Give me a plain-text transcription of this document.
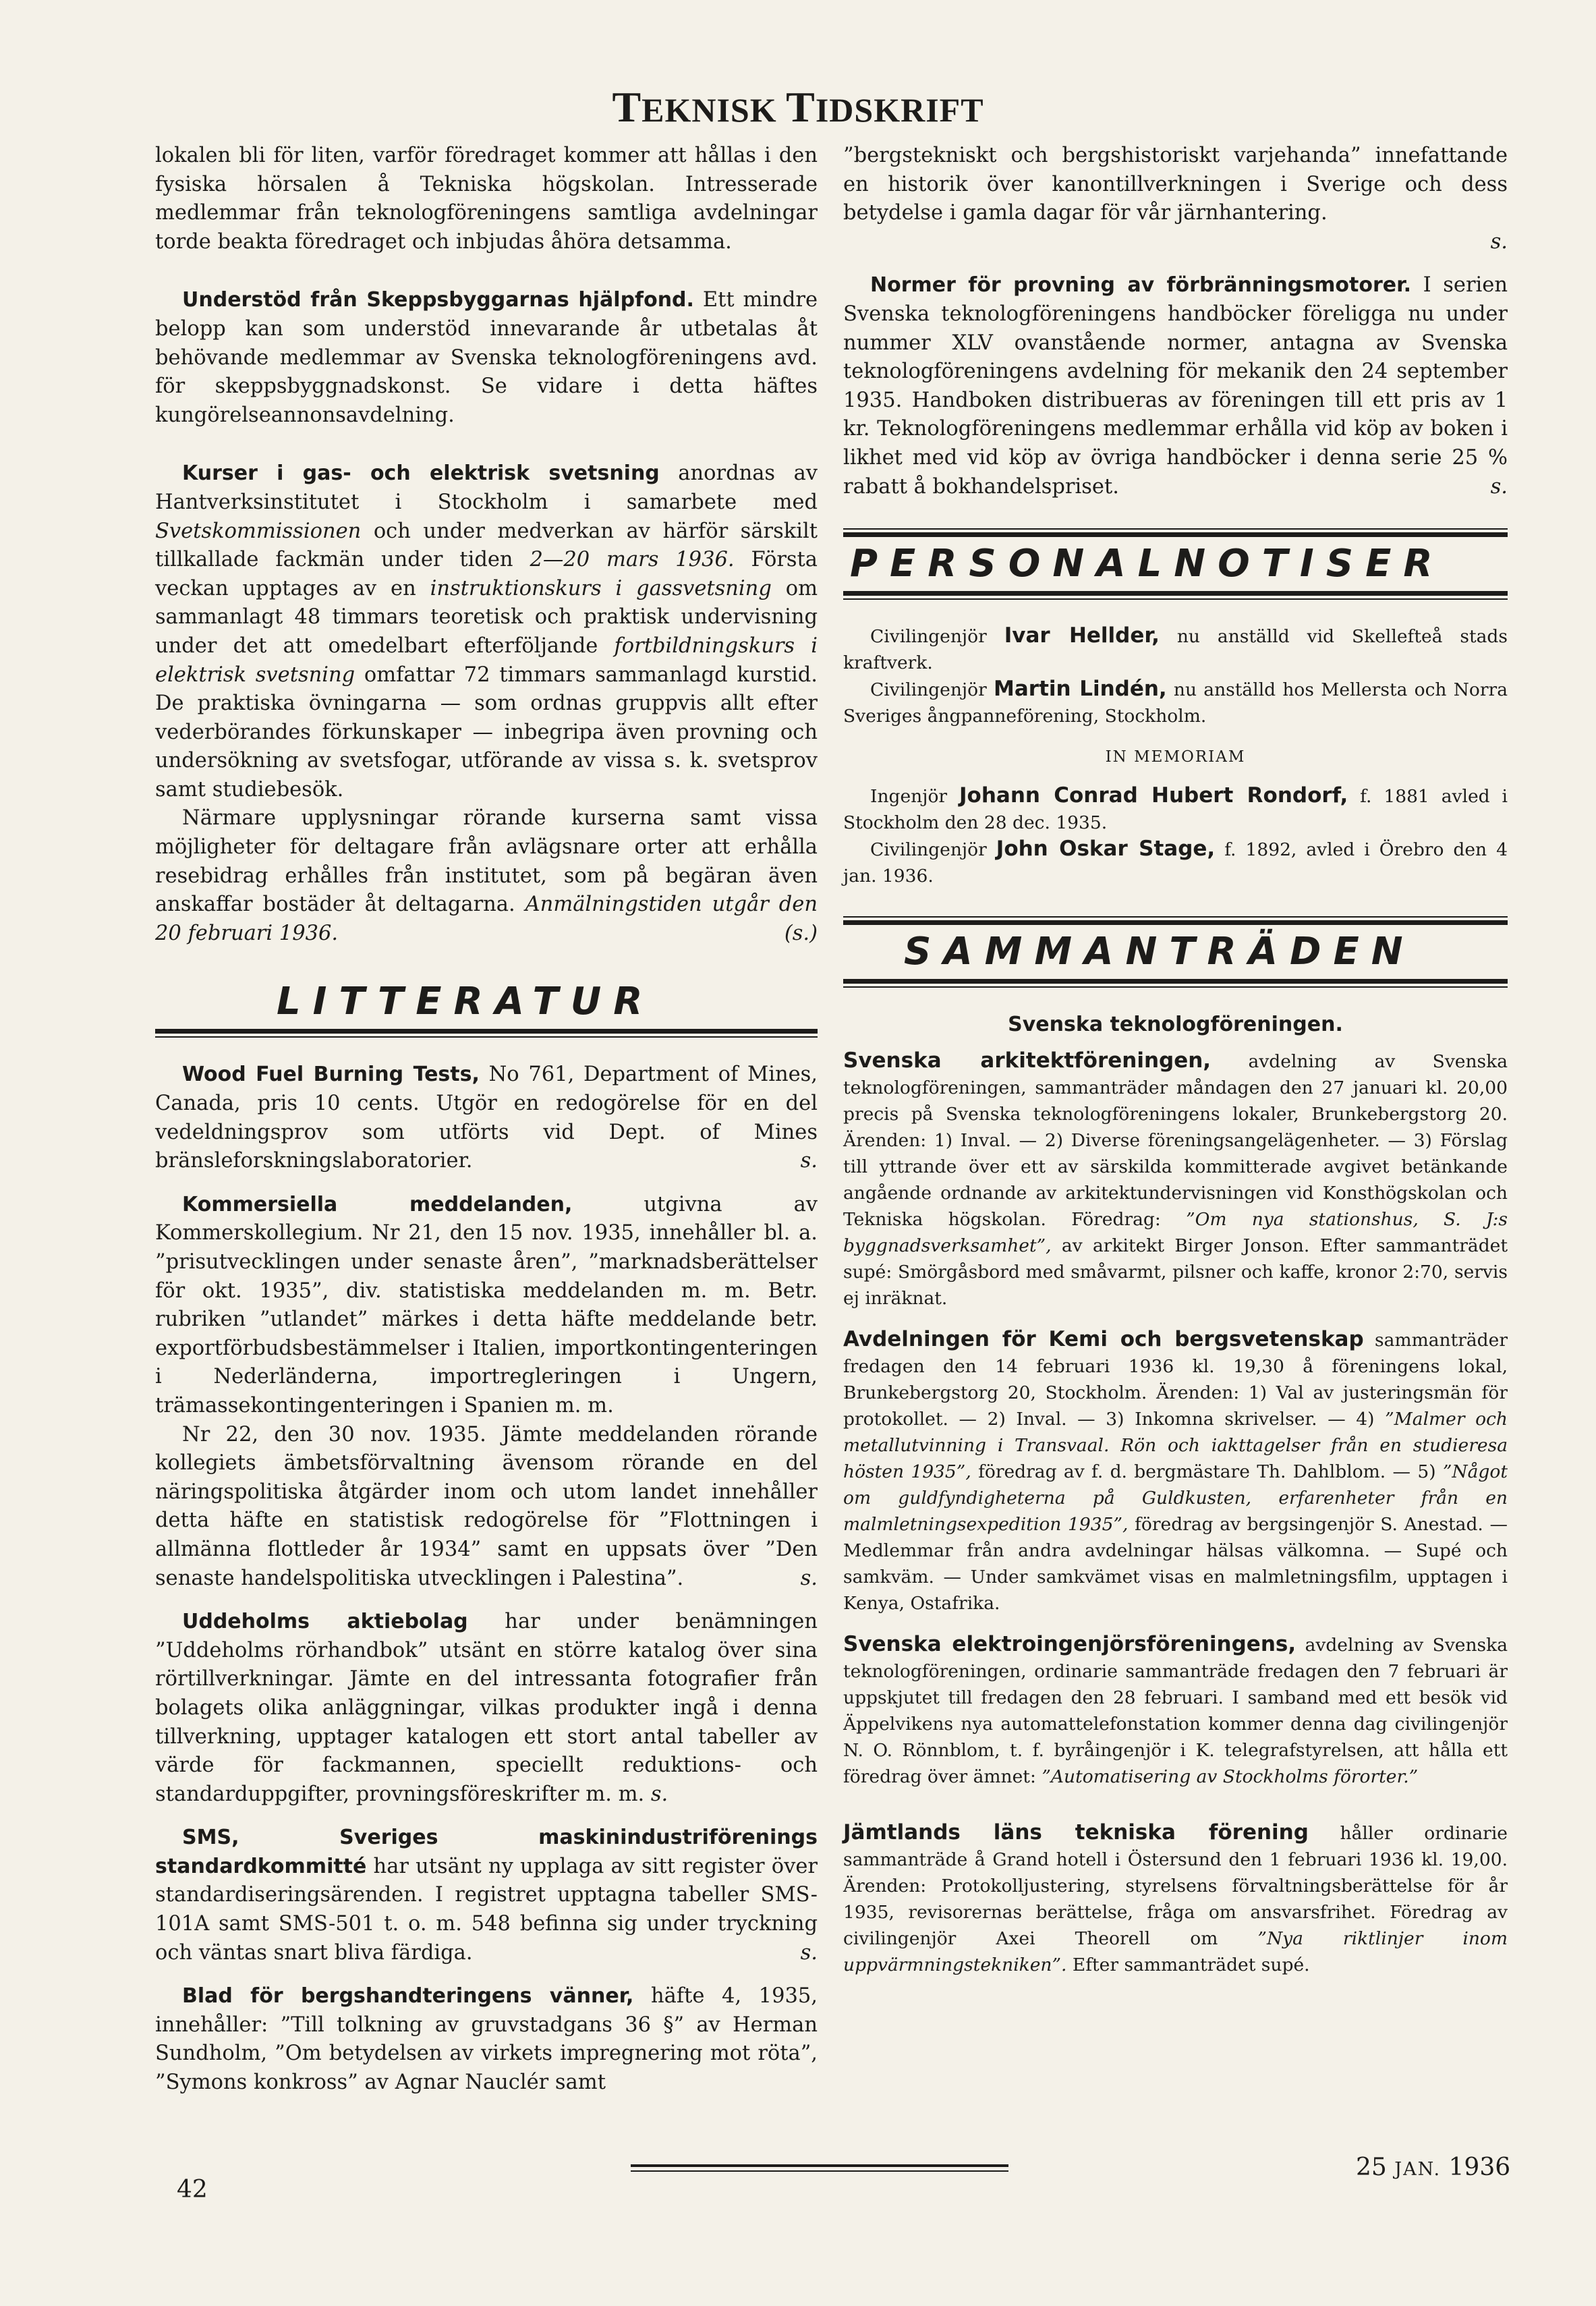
TEKNISK TIDSKRIFT

lokalen bli för liten, varför föredraget kommer att hållas i den fysiska hörsalen å Tekniska högskolan. Intresserade medlemmar från teknologföreningens samtliga avdelningar torde beakta föredraget och inbjudas åhöra detsamma.

Understöd från Skeppsbyggarnas hjälpfond. Ett mindre belopp kan som understöd innevarande år utbetalas åt behövande medlemmar av Svenska teknologföreningens avd. för skeppsbyggnadskonst. Se vidare i detta häftes kungörelseannonsavdelning.

Kurser i gas- och elektrisk svetsning anordnas av Hantverksinstitutet i Stockholm i samarbete med Svetskommissionen och under medverkan av härför särskilt tillkallade fackmän under tiden 2—20 mars 1936. Första veckan upptages av en instruktionskurs i gassvetsning om sammanlagt 48 timmars teoretisk och praktisk undervisning under det att omedelbart efterföljande fortbildningskurs i elektrisk svetsning omfattar 72 timmars sammanlagd kurstid. De praktiska övningarna — som ordnas gruppvis allt efter vederbörandes förkunskaper — inbegripa även provning och undersökning av svetsfogar, utförande av vissa s. k. svetsprov samt studiebesök.

Närmare upplysningar rörande kurserna samt vissa möjligheter för deltagare från avlägsnare orter att erhålla resebidrag erhålles från institutet, som på begäran även anskaffar bostäder åt deltagarna. Anmälningstiden utgår den 20 februari 1936.	(s.)

LITTERATUR

Wood Fuel Burning Tests, No 761, Department of Mines, Canada, pris 10 cents. Utgör en redogörelse för en del vedeldningsprov som utförts vid Dept. of Mines bränsleforskningslaboratorier.	s.

Kommersiella meddelanden, utgivna av Kommerskollegium. Nr 21, den 15 nov. 1935, innehåller bl. a. ”prisutvecklingen under senaste åren”, ”marknadsberättelser för okt. 1935”, div. statistiska meddelanden m. m. Betr. rubriken ”utlandet” märkes i detta häfte meddelande betr. exportförbudsbestämmelser i Italien, importkontingenteringen i Nederländerna, importregleringen i Ungern, trämassekontingenteringen i Spanien m. m.

Nr 22, den 30 nov. 1935. Jämte meddelanden rörande kollegiets ämbetsförvaltning ävensom rörande en del näringspolitiska åtgärder inom och utom landet innehåller detta häfte en statistisk redogörelse för ”Flottningen i allmänna flottleder år 1934” samt en uppsats över ”Den senaste handelspolitiska utvecklingen i Palestina”.	s.

Uddeholms aktiebolag har under benämningen ”Uddeholms rörhandbok” utsänt en större katalog över sina rörtillverkningar. Jämte en del intressanta fotografier från bolagets olika anläggningar, vilkas produkter ingå i denna tillverkning, upptager katalogen ett stort antal tabeller av värde för fackmannen, speciellt reduktions- och standarduppgifter, provningsföreskrifter m. m. s.

SMS, Sveriges maskinindustriförenings standardkommitté har utsänt ny upplaga av sitt register över standardiseringsärenden. I registret upptagna tabeller SMS-101A samt SMS-501 t. o. m. 548 befinna sig under tryckning och väntas snart bliva färdiga.	s.

Blad för bergshandteringens vänner, häfte 4, 1935, innehåller: ”Till tolkning av gruvstadgans 36 §” av Herman Sundholm, ”Om betydelsen av virkets impregnering mot röta”, ”Symons konkross” av Agnar Nauclér samt

”bergstekniskt och bergshistoriskt varjehanda” innefattande en historik över kanontillverkningen i Sverige och dess betydelse i gamla dagar för vår järnhantering.

s.

Normer för provning av förbränningsmotorer. I serien Svenska teknologföreningens handböcker föreligga nu under nummer XLV ovanstående normer, antagna av Svenska teknologföreningens avdelning för mekanik den 24 september 1935. Handboken distribueras av föreningen till ett pris av 1 kr. Teknologföreningens medlemmar erhålla vid köp av boken i likhet med vid köp av övriga handböcker i denna serie 25 % rabatt å bokhandelspriset.	s.

PERSONALNOTISER

Civilingenjör Ivar Hellder, nu anställd vid Skellefteå stads kraftverk.

Civilingenjör Martin Lindén, nu anställd hos Mellersta och Norra Sveriges ångpanneförening, Stockholm.

IN MEMORIAM

Ingenjör Johann Conrad Hubert Rondorf, f. 1881 avled i Stockholm den 28 dec. 1935.

Civilingenjör John Oskar Stage, f. 1892, avled i Örebro den 4 jan. 1936.

SAMMANTRÄDEN
Svenska teknologföreningen.

Svenska arkitektföreningen, avdelning av Svenska teknologföreningen, sammanträder måndagen den 27 januari kl. 20,00 precis på Svenska teknologföreningens lokaler, Brunkebergstorg 20. Ärenden: 1) Inval. — 2) Diverse föreningsangelägenheter. — 3) Förslag till yttrande över ett av särskilda kommitterade avgivet betänkande angående ordnande av arkitektundervisningen vid Konsthögskolan och Tekniska högskolan. Föredrag: ”Om nya stationshus, S. J:s byggnadsverksamhet”, av arkitekt Birger Jonson. Efter sammanträdet supé: Smörgåsbord med småvarmt, pilsner och kaffe, kronor 2:70, servis ej inräknat.

Avdelningen för Kemi och bergsvetenskap sammanträder fredagen den 14 februari 1936 kl. 19,30 å föreningens lokal, Brunkebergstorg 20, Stockholm. Ärenden: 1) Val av justeringsmän för protokollet. — 2) Inval. — 3) Inkomna skrivelser. — 4) ”Malmer och metallutvinning i Transvaal. Rön och iakttagelser från en studieresa hösten 1935”, föredrag av f. d. bergmästare Th. Dahlblom. — 5) ”Något om guldfyndigheterna på Guldkusten, erfarenheter från en malmletningsexpedition 1935”, föredrag av bergsingenjör S. Anestad. — Medlemmar från andra avdelningar hälsas välkomna. — Supé och samkväm. — Under samkvämet visas en malmletningsfilm, upptagen i Kenya, Ostafrika.

Svenska elektroingenjörsföreningens, avdelning av Svenska teknologföreningen, ordinarie sammanträde fredagen den 7 februari är uppskjutet till fredagen den 28 februari. I samband med ett besök vid Äppelvikens nya automattelefonstation kommer denna dag civilingenjör N. O. Rönnblom, t. f. byråingenjör i K. telegrafstyrelsen, att hålla ett föredrag över ämnet: ”Automatisering av Stockholms förorter.”

Jämtlands läns tekniska förening håller ordinarie sammanträde å Grand hotell i Östersund den 1 februari 1936 kl. 19,00. Ärenden: Protokolljustering, styrelsens förvaltningsberättelse för år 1935, revisorernas berättelse, fråga om ansvarsfrihet. Föredrag av civilingenjör Axei Theorell om ”Nya riktlinjer inom uppvärmningstekniken”. Efter sammanträdet supé.

42
25 JAN. 1936
